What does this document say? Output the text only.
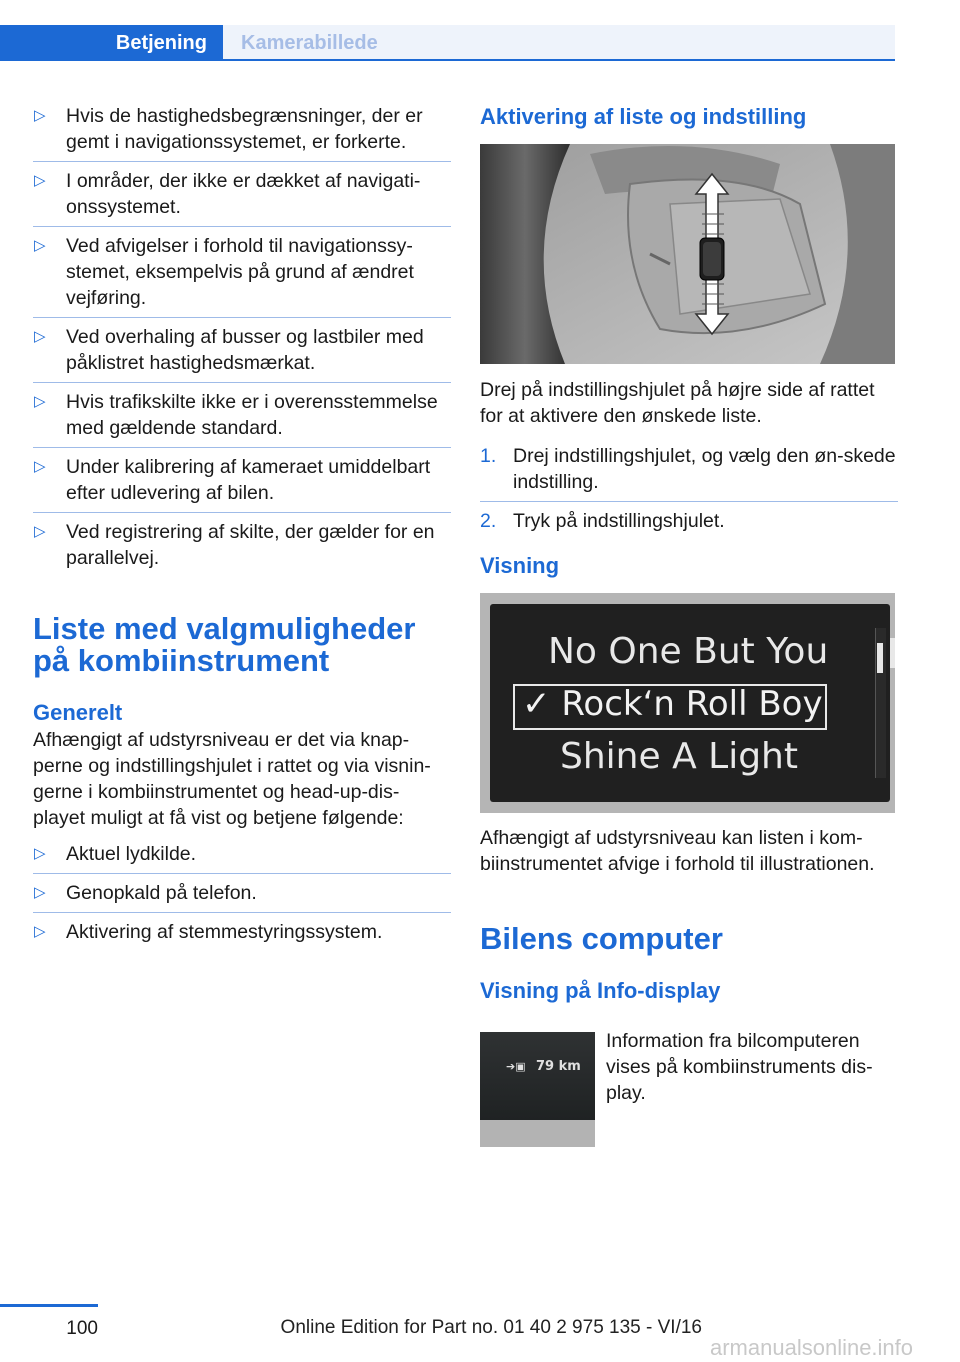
Betjening	Kamerabillede
▷ Hvis de hastighedsbegrænsninger, der er gemt i navigationssystemet, er forkerte.
▷ I områder, der ikke er dækket af navigati-onssystemet.
▷ Ved afvigelser i forhold til navigationssy-stemet, eksempelvis på grund af ændret vejføring.
▷ Ved overhaling af busser og lastbiler med påklistret hastighedsmærkat.
▷ Hvis trafikskilte ikke er i overensstemmelse med gældende standard.
▷ Under kalibrering af kameraet umiddelbart efter udlevering af bilen.
▷ Ved registrering af skilte, der gælder for en parallelvej.
Liste med valgmuligheder på kombiinstrument
Generelt

Afhængigt af udstyrsniveau er det via knap-perne og indstillingshjulet i rattet og via visnin-gerne i kombiinstrumentet og head-up-dis-playet muligt at få vist og betjene følgende:

▷ Aktuel lydkilde.
▷ Genopkald på telefon.
▷ Aktivering af stemmestyringssystem.
Aktivering af liste og indstilling

Drej på indstillingshjulet på højre side af rattet for at aktivere den ønskede liste.

1. Drej indstillingshjulet, og vælg den øn-skede indstilling.
2. Tryk på indstillingshjulet.
Visning
No One But You
✓ Rock‘n Roll Boy
Shine A Light

Afhængigt af udstyrsniveau kan listen i kom-biinstrumentet afvige i forhold til illustrationen.

Bilens computer
Visning på Info-display
➔▣ 79 km

Information fra bilcomputeren vises på kombiinstruments dis-play.

100	Online Edition for Part no. 01 40 2 975 135 - VI/16
armanualsonline.info
